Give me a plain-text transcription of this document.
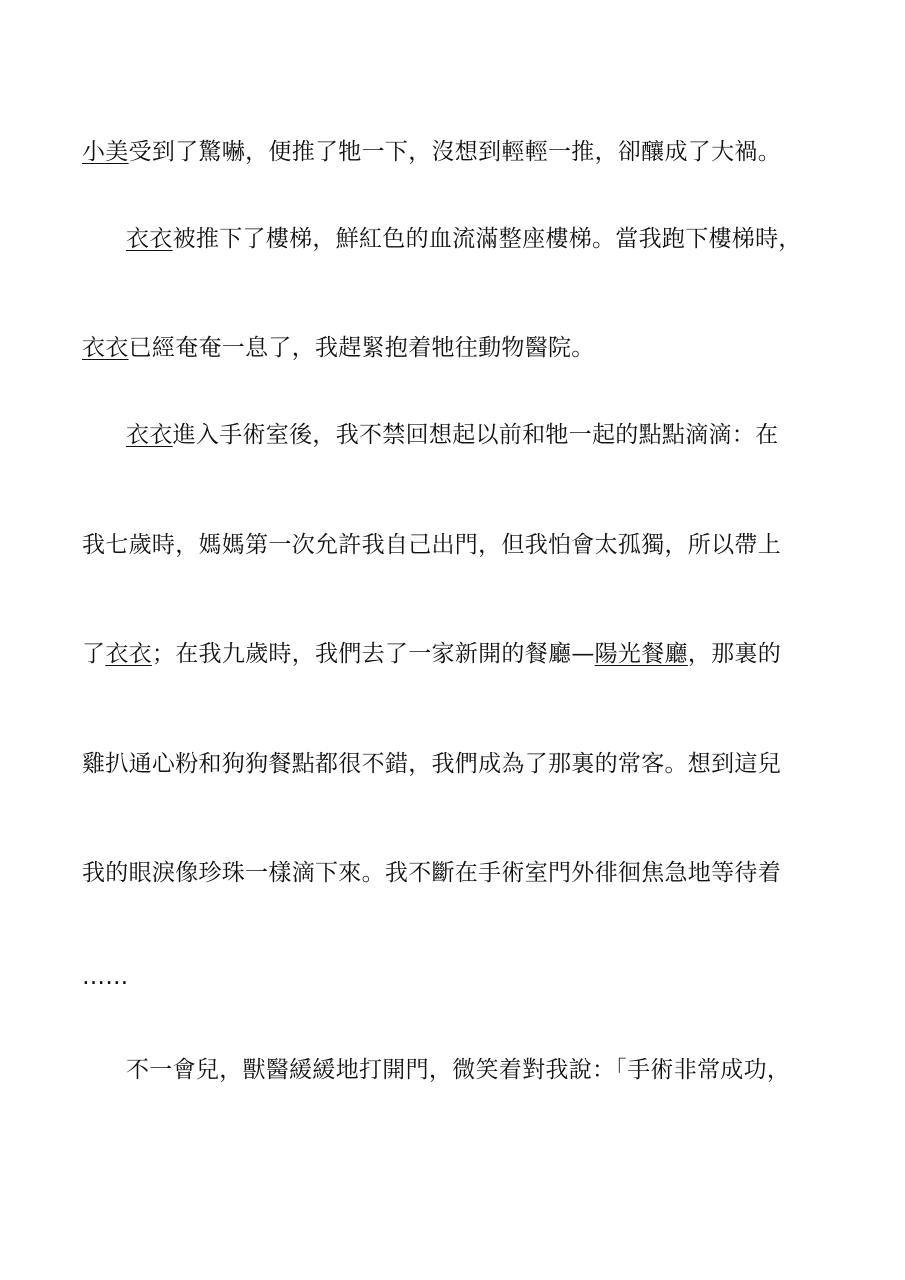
小美受到了驚嚇，便推了牠一下，沒想到輕輕一推，卻釀成了大禍。
衣衣被推下了樓梯，鮮紅色的血流滿整座樓梯。當我跑下樓梯時，
衣衣已經奄奄一息了，我趕緊抱着牠往動物醫院。
衣衣進入手術室後，我不禁回想起以前和牠一起的點點滴滴：在
我七歲時，媽媽第一次允許我自己出門，但我怕會太孤獨，所以帶上
了衣衣；在我九歲時，我們去了一家新開的餐廳—陽光餐廳，那裏的
雞扒通心粉和狗狗餐點都很不錯，我們成為了那裏的常客。想到這兒
我的眼淚像珍珠一樣滴下來。我不斷在手術室門外徘徊焦急地等待着
……
不一會兒，獸醫緩緩地打開門，微笑着對我說：「手術非常成功，
